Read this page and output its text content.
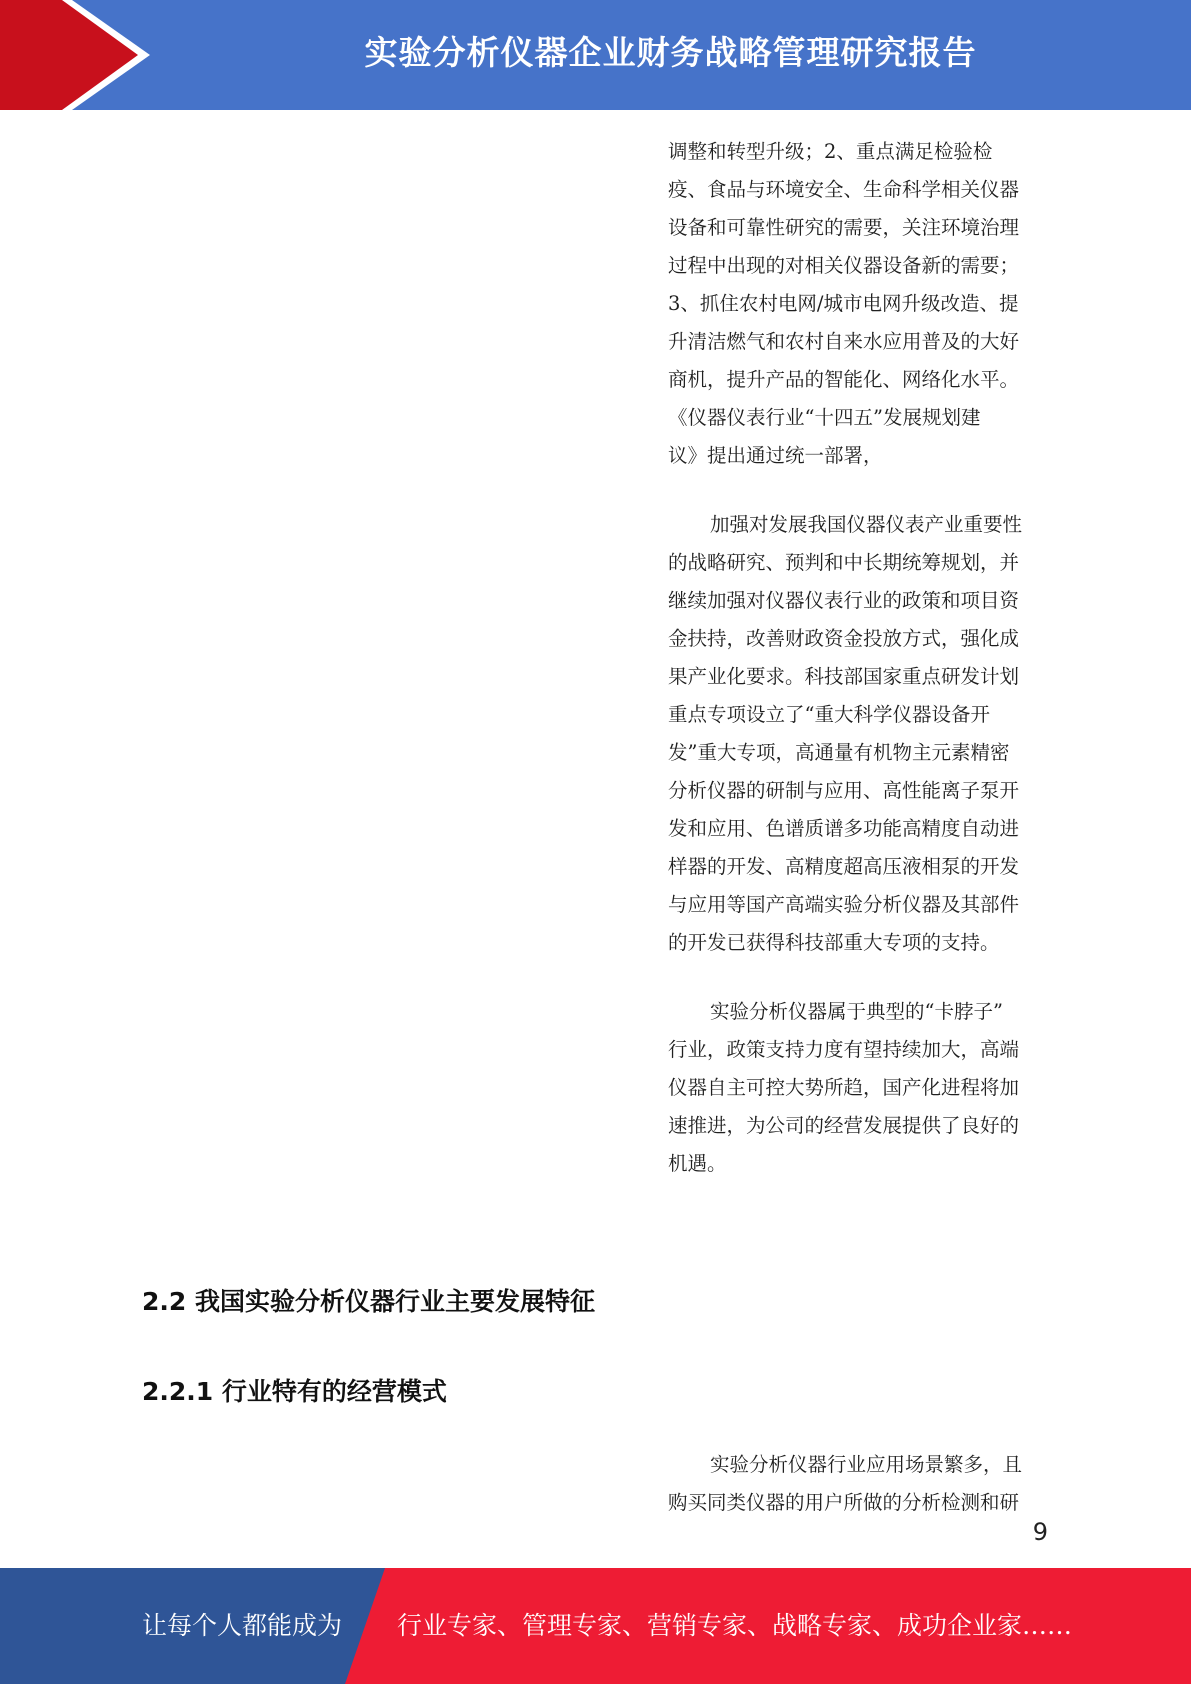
实验分析仪器企业财务战略管理研究报告
调整和转型升级；2、重点满足检验检
疫、食品与环境安全、生命科学相关仪器
设备和可靠性研究的需要，关注环境治理
过程中出现的对相关仪器设备新的需要；
3、抓住农村电网/城市电网升级改造、提
升清洁燃气和农村自来水应用普及的大好
商机，提升产品的智能化、网络化水平。
《仪器仪表行业“十四五”发展规划建
议》提出通过统一部署，
加强对发展我国仪器仪表产业重要性
的战略研究、预判和中长期统筹规划，并
继续加强对仪器仪表行业的政策和项目资
金扶持，改善财政资金投放方式，强化成
果产业化要求。科技部国家重点研发计划
重点专项设立了“重大科学仪器设备开
发”重大专项，高通量有机物主元素精密
分析仪器的研制与应用、高性能离子泵开
发和应用、色谱质谱多功能高精度自动进
样器的开发、高精度超高压液相泵的开发
与应用等国产高端实验分析仪器及其部件
的开发已获得科技部重大专项的支持。
实验分析仪器属于典型的“卡脖子”
行业，政策支持力度有望持续加大，高端
仪器自主可控大势所趋，国产化进程将加
速推进，为公司的经营发展提供了良好的
机遇。
2.2 我国实验分析仪器行业主要发展特征
2.2.1 行业特有的经营模式
实验分析仪器行业应用场景繁多，且
购买同类仪器的用户所做的分析检测和研
9
让每个人都能成为 行业专家、管理专家、营销专家、战略专家、成功企业家……
